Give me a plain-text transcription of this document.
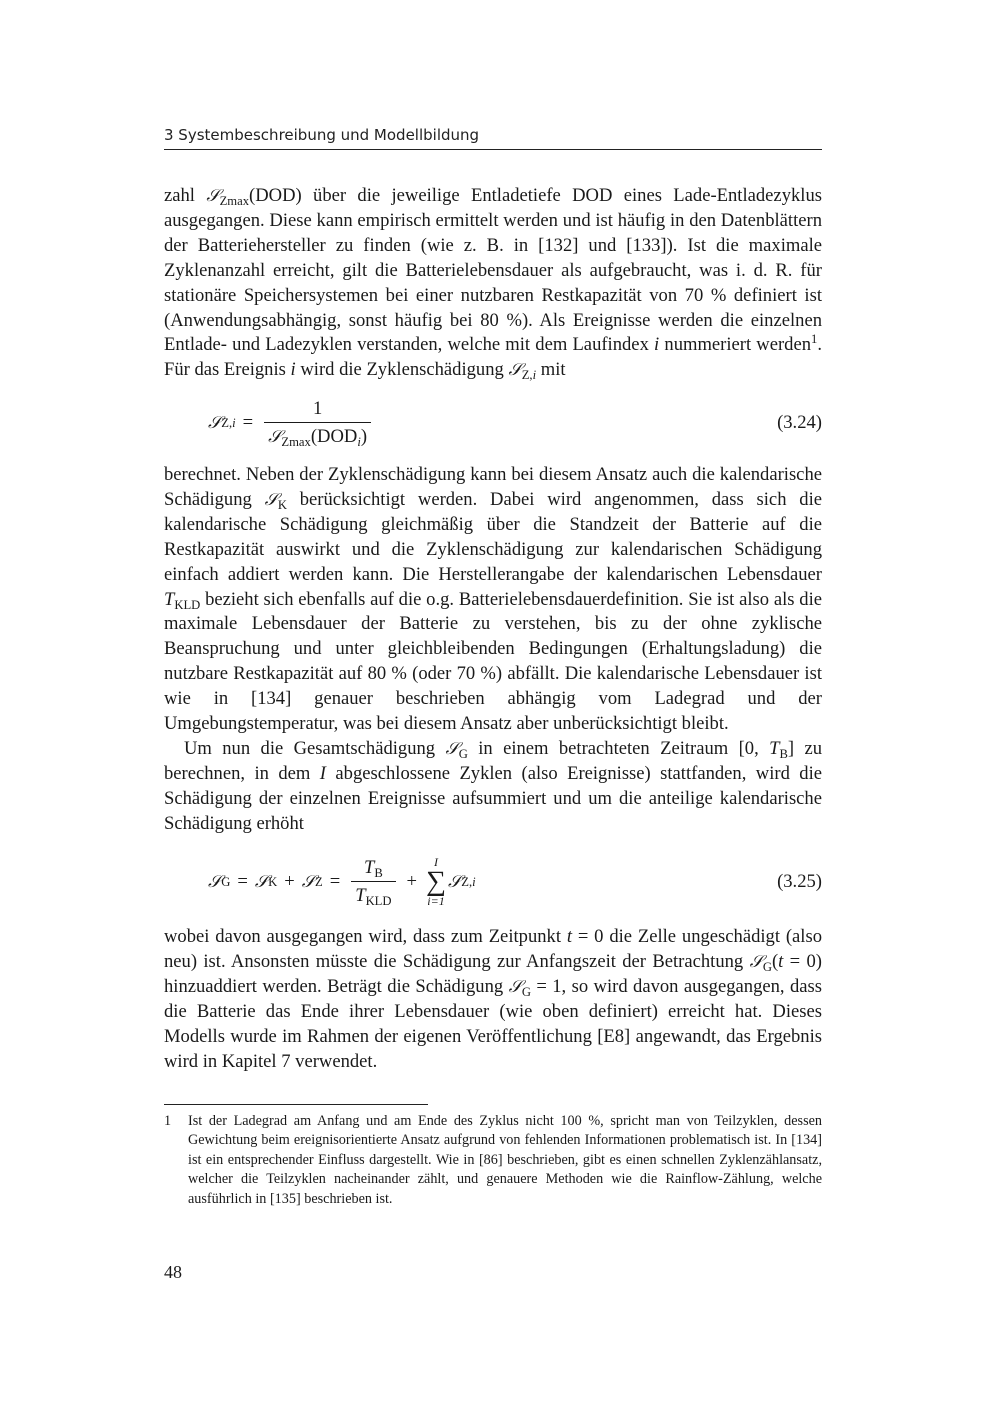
3 Systembeschreibung und Modellbildung

zahl 𝒮$_{Zmax}$(DOD) über die jeweilige Entladetiefe DOD eines Lade-Entladezyklus ausgegangen. Diese kann empirisch ermittelt werden und ist häufig in den Datenblättern der Batteriehersteller zu finden (wie z. B. in [132] und [133]). Ist die maximale Zyklenanzahl erreicht, gilt die Batterielebensdauer als aufgebraucht, was i. d. R. für stationäre Speichersystemen bei einer nutzbaren Restkapazität von 70 % definiert ist (Anwendungsabhängig, sonst häufig bei 80 %). Als Ereignisse werden die einzelnen Entlade- und Ladezyklen verstanden, welche mit dem Laufindex i nummeriert werden$^1$. Für das Ereignis i wird die Zyklenschädigung 𝒮$_{Z,i}$ mit

𝒮 $Z,i = \frac{1}{𝒮_{Zmax}(DOD_i)}$	(3.24)

berechnet. Neben der Zyklenschädigung kann bei diesem Ansatz auch die kalendarische Schädigung 𝒮$_K$ berücksichtigt werden. Dabei wird angenommen, dass sich die kalendarische Schädigung gleichmäßig über die Standzeit der Batterie auf die Restkapazität auswirkt und die Zyklenschädigung zur kalendarischen Schädigung einfach addiert werden kann. Die Herstellerangabe der kalendarischen Lebensdauer $T_{KLD}$ bezieht sich ebenfalls auf die o.g. Batterielebensdauerdefinition. Sie ist also als die maximale Lebensdauer der Batterie zu verstehen, bis zu der ohne zyklische Beanspruchung und unter gleichbleibenden Bedingungen (Erhaltungsladung) die nutzbare Restkapazität auf 80 % (oder 70 %) abfällt. Die kalendarische Lebensdauer ist wie in [134] genauer beschrieben abhängig vom Ladegrad und der Umgebungstemperatur, was bei diesem Ansatz aber unberücksichtigt bleibt.

Um nun die Gesamtschädigung 𝒮$_G$ in einem betrachteten Zeitraum [0, $T_B$] zu berechnen, in dem I abgeschlossene Zyklen (also Ereignisse) stattfanden, wird die Schädigung der einzelnen Ereignisse aufsummiert und um die anteilige kalendarische Schädigung erhöht

𝒮 G = 𝒮 K + 𝒮 $Z = \frac{T_B}{T_{KLD}}$ +
I
∑
i=1
𝒮 Z,i	(3.25)

wobei davon ausgegangen wird, dass zum Zeitpunkt t = 0 die Zelle ungeschädigt (also neu) ist. Ansonsten müsste die Schädigung zur Anfangszeit der Betrachtung 𝒮$_G$(t = 0) hinzuaddiert werden. Beträgt die Schädigung 𝒮$_G$ = 1, so wird davon ausgegangen, dass die Batterie das Ende ihrer Lebensdauer (wie oben definiert) erreicht hat. Dieses Modells wurde im Rahmen der eigenen Veröffentlichung [E8] angewandt, das Ergebnis wird in Kapitel 7 verwendet.

1 Ist der Ladegrad am Anfang und am Ende des Zyklus nicht 100 %, spricht man von Teilzyklen, dessen Gewichtung beim ereignisorientierte Ansatz aufgrund von fehlenden Informationen problematisch ist. In [134] ist ein entsprechender Einfluss dargestellt. Wie in [86] beschrieben, gibt es einen schnellen Zyklenzählansatz, welcher die Teilzyklen nacheinander zählt, und genauere Methoden wie die Rainflow-Zählung, welche ausführlich in [135] beschrieben ist.
48
